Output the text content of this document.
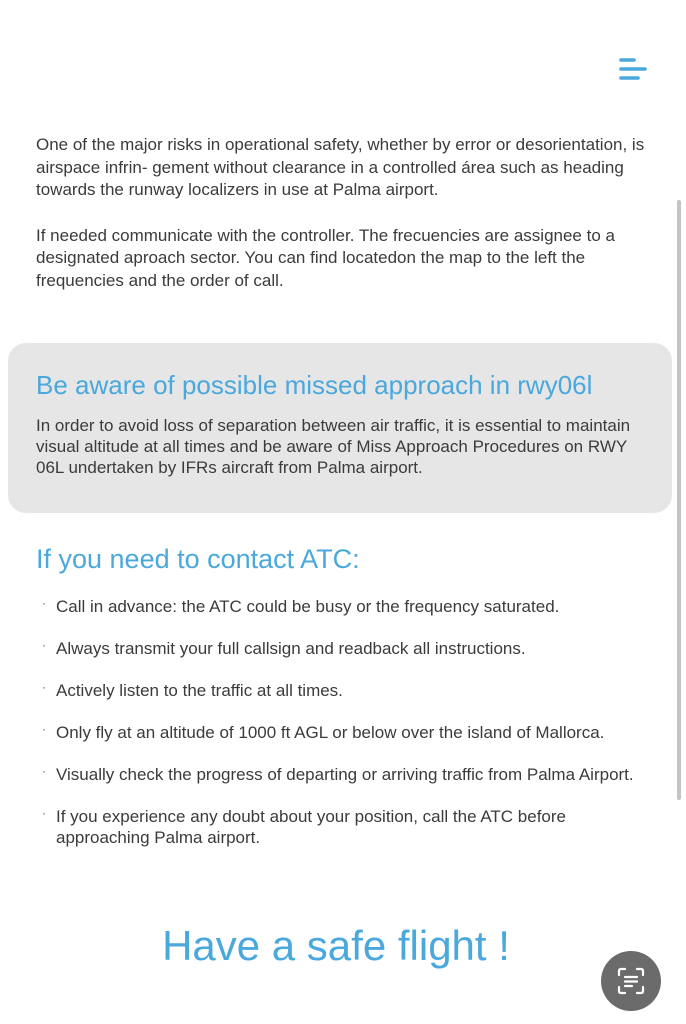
One of the major risks in operational safety, whether by error or desorientation, is airspace infrin- gement without clearance in a controlled área such as heading towards the runway localizers in use at Palma airport.

If needed communicate with the controller. The frecuencies are assignee to a designated aproach sector. You can find locatedon the map to the left the frequencies and the order of call.

Be aware of possible missed approach in rwy06l

In order to avoid loss of separation between air traffic, it is essential to maintain visual altitude at all times and be aware of Miss Approach Procedures on RWY 06L undertaken by IFRs aircraft from Palma airport.

If you need to contact ATC:
· Call in advance: the ATC could be busy or the frequency saturated.
· Always transmit your full callsign and readback all instructions.
· Actively listen to the traffic at all times.
· Only fly at an altitude of 1000 ft AGL or below over the island of Mallorca.
· Visually check the progress of departing or arriving traffic from Palma Airport.
· If you experience any doubt about your position, call the ATC before approaching Palma airport.
Have a safe flight !
